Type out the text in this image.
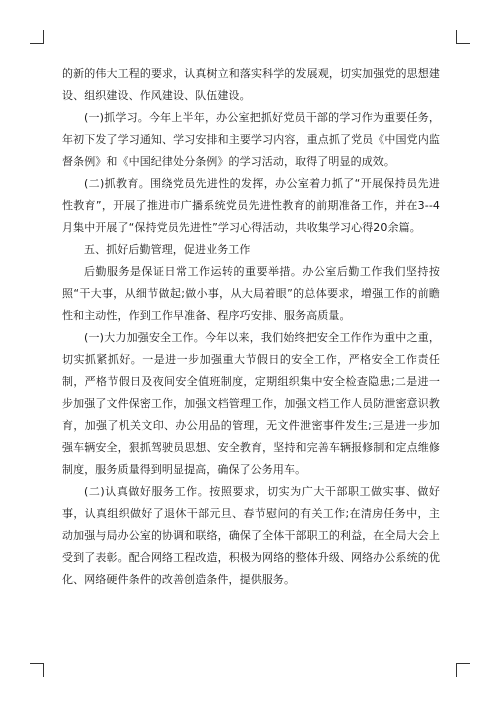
的新的伟大工程的要求，认真树立和落实科学的发展观，切实加强党的思想建设、组织建设、作风建设、队伍建设。

(一)抓学习。今年上半年，办公室把抓好党员干部的学习作为重要任务，年初下发了学习通知、学习安排和主要学习内容，重点抓了党员《中国党内监督条例》和《中国纪律处分条例》的学习活动，取得了明显的成效。

(二)抓教育。围绕党员先进性的发挥，办公室着力抓了“开展保持员先进性教育”，开展了推进市广播系统党员先进性教育的前期准备工作，并在3--4月集中开展了“保持党员先进性”学习心得活动，共收集学习心得20余篇。

五、抓好后勤管理，促进业务工作

后勤服务是保证日常工作运转的重要举措。办公室后勤工作我们坚持按照“干大事，从细节做起;做小事，从大局着眼”的总体要求，增强工作的前瞻性和主动性，作到工作早准备、程序巧安排、服务高质量。

(一)大力加强安全工作。今年以来，我们始终把安全工作作为重中之重，切实抓紧抓好。一是进一步加强重大节假日的安全工作，严格安全工作责任制，严格节假日及夜间安全值班制度，定期组织集中安全检查隐患;二是进一步加强了文件保密工作，加强文档管理工作，加强文档工作人员防泄密意识教育，加强了机关文印、办公用品的管理，无文件泄密事件发生;三是进一步加强车辆安全，狠抓驾驶员思想、安全教育，坚持和完善车辆报修制和定点维修制度，服务质量得到明显提高，确保了公务用车。

(二)认真做好服务工作。按照要求，切实为广大干部职工做实事、做好事，认真组织做好了退休干部元旦、春节慰问的有关工作;在清房任务中，主动加强与局办公室的协调和联络，确保了全体干部职工的利益，在全局大会上受到了表彰。配合网络工程改造，积极为网络的整体升级、网络办公系统的优化、网络硬件条件的改善创造条件，提供服务。
